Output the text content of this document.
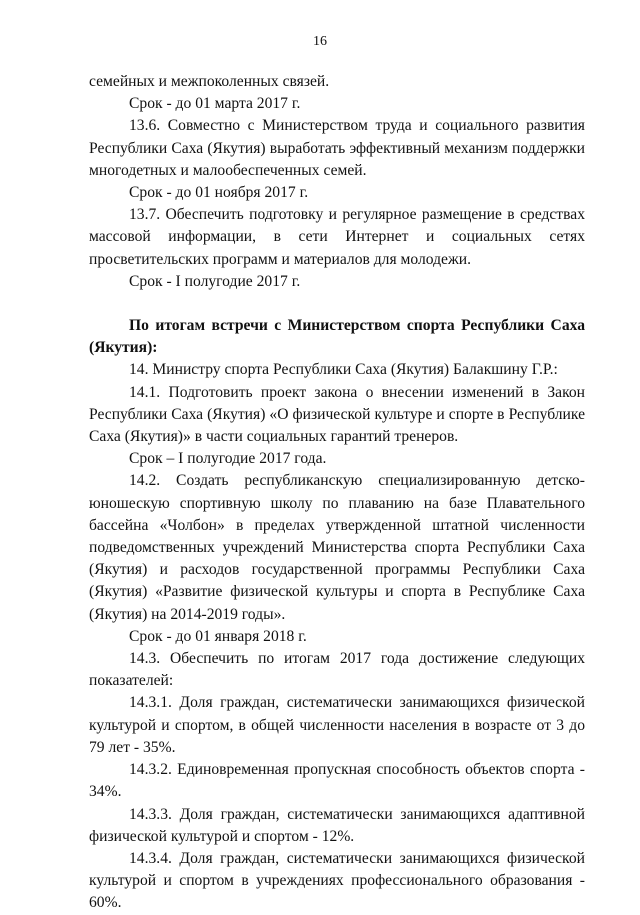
16

семейных и межпоколенных связей.

Срок - до 01 марта 2017 г.

13.6. Совместно с Министерством труда и социального развития Республики Саха (Якутия) выработать эффективный механизм поддержки многодетных и малообеспеченных семей.

Срок - до 01 ноября 2017 г.

13.7. Обеспечить подготовку и регулярное размещение в средствах массовой информации, в сети Интернет и социальных сетях просветительских программ и материалов для молодежи.

Срок - I полугодие 2017 г.

По итогам встречи с Министерством спорта Республики Саха (Якутия):

14. Министру спорта Республики Саха (Якутия) Балакшину Г.Р.:

14.1. Подготовить проект закона о внесении изменений в Закон Республики Саха (Якутия) «О физической культуре и спорте в Республике Саха (Якутия)» в части социальных гарантий тренеров.

Срок – I полугодие 2017 года.

14.2. Создать республиканскую специализированную детско-юношескую спортивную школу по плаванию на базе Плавательного бассейна «Чолбон» в пределах утвержденной штатной численности подведомственных учреждений Министерства спорта Республики Саха (Якутия) и расходов государственной программы Республики Саха (Якутия) «Развитие физической культуры и спорта в Республике Саха (Якутия) на 2014-2019 годы».

Срок - до 01 января 2018 г.

14.3. Обеспечить по итогам 2017 года достижение следующих показателей:

14.3.1. Доля граждан, систематически занимающихся физической культурой и спортом, в общей численности населения в возрасте от 3 до 79 лет - 35%.

14.3.2. Единовременная пропускная способность объектов спорта - 34%.

14.3.3. Доля граждан, систематически занимающихся адаптивной физической культурой и спортом - 12%.

14.3.4. Доля граждан, систематически занимающихся физической культурой и спортом в учреждениях профессионального образования - 60%.
